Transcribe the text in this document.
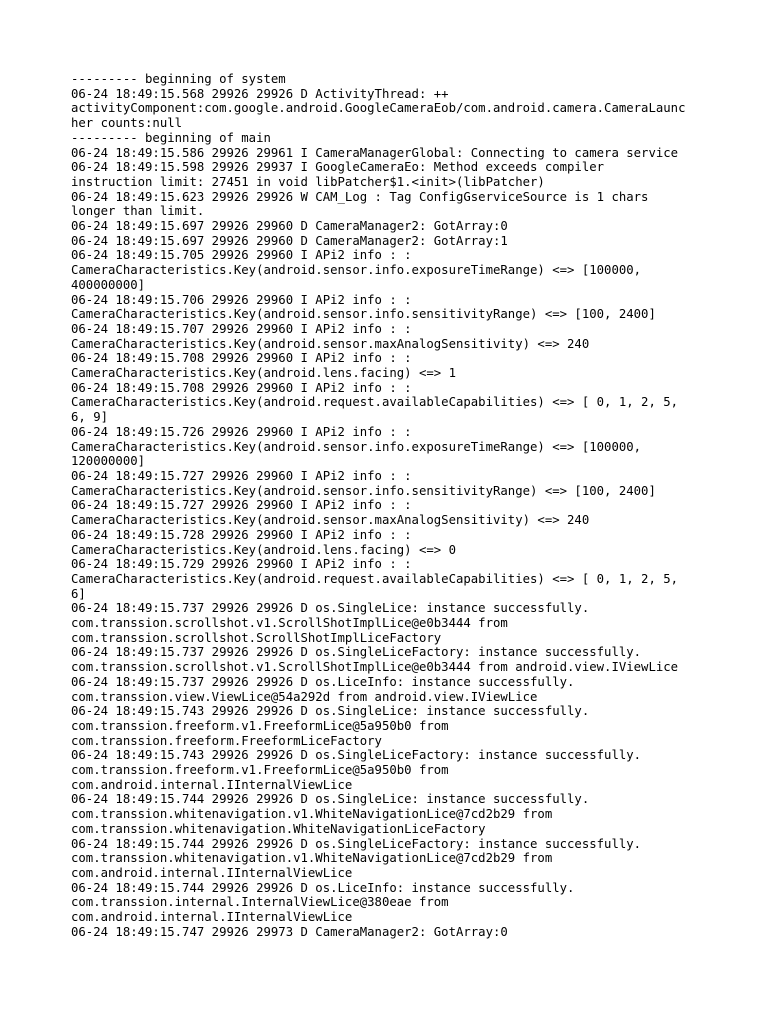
--------- beginning of system
06-24 18:49:15.568 29926 29926 D ActivityThread: ++
activityComponent:com.google.android.GoogleCameraEob/com.android.camera.CameraLaunc
her counts:null
--------- beginning of main
06-24 18:49:15.586 29926 29961 I CameraManagerGlobal: Connecting to camera service
06-24 18:49:15.598 29926 29937 I GoogleCameraEo: Method exceeds compiler
instruction limit: 27451 in void libPatcher$1.<init>(libPatcher)
06-24 18:49:15.623 29926 29926 W CAM_Log : Tag ConfigGserviceSource is 1 chars
longer than limit.
06-24 18:49:15.697 29926 29960 D CameraManager2: GotArray:0
06-24 18:49:15.697 29926 29960 D CameraManager2: GotArray:1
06-24 18:49:15.705 29926 29960 I APi2 info : :
CameraCharacteristics.Key(android.sensor.info.exposureTimeRange) <=> [100000,
400000000]
06-24 18:49:15.706 29926 29960 I APi2 info : :
CameraCharacteristics.Key(android.sensor.info.sensitivityRange) <=> [100, 2400]
06-24 18:49:15.707 29926 29960 I APi2 info : :
CameraCharacteristics.Key(android.sensor.maxAnalogSensitivity) <=> 240
06-24 18:49:15.708 29926 29960 I APi2 info : :
CameraCharacteristics.Key(android.lens.facing) <=> 1
06-24 18:49:15.708 29926 29960 I APi2 info : :
CameraCharacteristics.Key(android.request.availableCapabilities) <=> [ 0, 1, 2, 5,
6, 9]
06-24 18:49:15.726 29926 29960 I APi2 info : :
CameraCharacteristics.Key(android.sensor.info.exposureTimeRange) <=> [100000,
120000000]
06-24 18:49:15.727 29926 29960 I APi2 info : :
CameraCharacteristics.Key(android.sensor.info.sensitivityRange) <=> [100, 2400]
06-24 18:49:15.727 29926 29960 I APi2 info : :
CameraCharacteristics.Key(android.sensor.maxAnalogSensitivity) <=> 240
06-24 18:49:15.728 29926 29960 I APi2 info : :
CameraCharacteristics.Key(android.lens.facing) <=> 0
06-24 18:49:15.729 29926 29960 I APi2 info : :
CameraCharacteristics.Key(android.request.availableCapabilities) <=> [ 0, 1, 2, 5,
6]
06-24 18:49:15.737 29926 29926 D os.SingleLice: instance successfully.
com.transsion.scrollshot.v1.ScrollShotImplLice@e0b3444 from
com.transsion.scrollshot.ScrollShotImplLiceFactory
06-24 18:49:15.737 29926 29926 D os.SingleLiceFactory: instance successfully.
com.transsion.scrollshot.v1.ScrollShotImplLice@e0b3444 from android.view.IViewLice
06-24 18:49:15.737 29926 29926 D os.LiceInfo: instance successfully.
com.transsion.view.ViewLice@54a292d from android.view.IViewLice
06-24 18:49:15.743 29926 29926 D os.SingleLice: instance successfully.
com.transsion.freeform.v1.FreeformLice@5a950b0 from
com.transsion.freeform.FreeformLiceFactory
06-24 18:49:15.743 29926 29926 D os.SingleLiceFactory: instance successfully.
com.transsion.freeform.v1.FreeformLice@5a950b0 from
com.android.internal.IInternalViewLice
06-24 18:49:15.744 29926 29926 D os.SingleLice: instance successfully.
com.transsion.whitenavigation.v1.WhiteNavigationLice@7cd2b29 from
com.transsion.whitenavigation.WhiteNavigationLiceFactory
06-24 18:49:15.744 29926 29926 D os.SingleLiceFactory: instance successfully.
com.transsion.whitenavigation.v1.WhiteNavigationLice@7cd2b29 from
com.android.internal.IInternalViewLice
06-24 18:49:15.744 29926 29926 D os.LiceInfo: instance successfully.
com.transsion.internal.InternalViewLice@380eae from
com.android.internal.IInternalViewLice
06-24 18:49:15.747 29926 29973 D CameraManager2: GotArray:0
